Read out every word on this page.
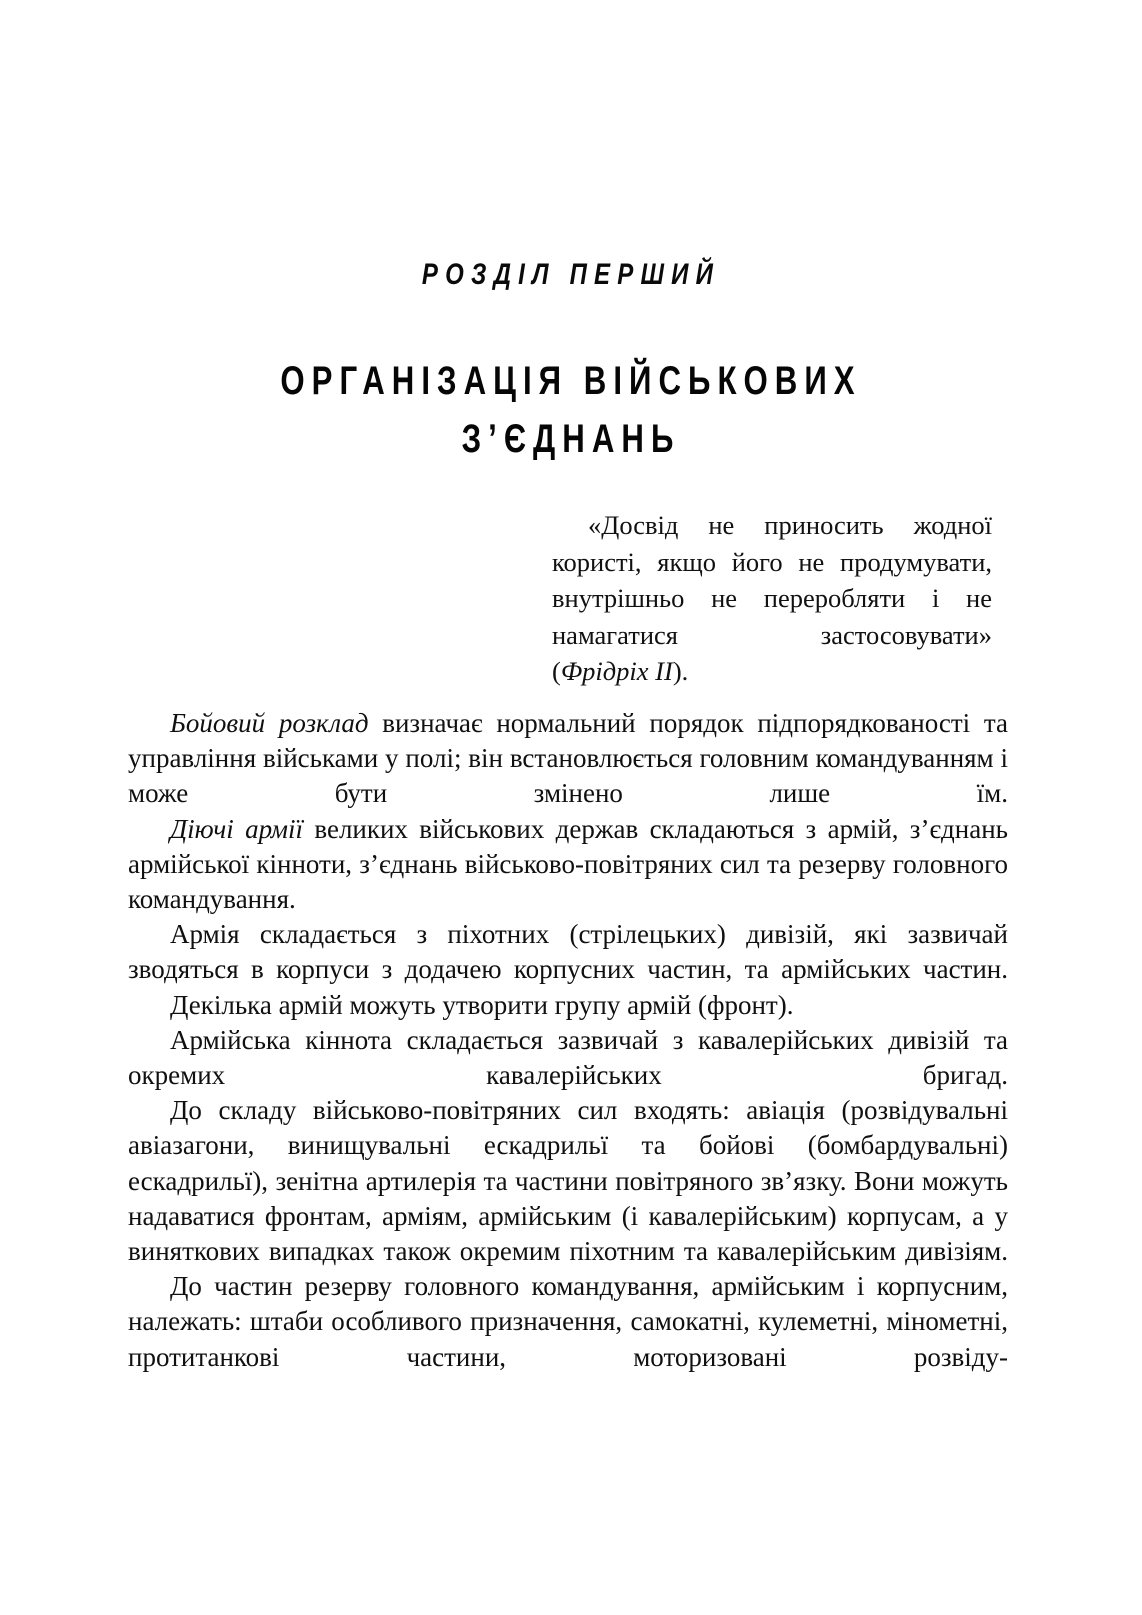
РОЗДІЛ ПЕРШИЙ
ОРГАНІЗАЦІЯ ВІЙСЬКОВИХ
З’ЄДНАНЬ
«Досвід не приносить жодної користі, якщо його не продумувати, внутрішньо не переробляти і не намагатися застосовувати»
(Фрідріх II).

Бойовий розклад визначає нормальний порядок підпорядкованості та управління військами у полі; він встановлюється головним командуванням і може бути змінено лише їм.

Діючі армії великих військових держав складаються з армій, з’єднань армійської кінноти, з’єднань військово-повітряних сил та резерву головного командування.

Армія складається з піхотних (стрілецьких) дивізій, які зазвичай зводяться в корпуси з додачею корпусних частин, та армійських частин.

Декілька армій можуть утворити групу армій (фронт).

Армійська кіннота складається зазвичай з кавалерійських дивізій та окремих кавалерійських бригад.

До складу військово-повітряних сил входять: авіація (розвідувальні авіазагони, винищувальні ескадрильї та бойові (бомбардувальні) ескадрильї), зенітна артилерія та частини повітряного зв’язку. Вони можуть надаватися фронтам, арміям, армійським (і кавалерійським) корпусам, а у виняткових випадках також окремим піхотним та кавалерійським дивізіям.

До частин резерву головного командування, армійським і корпусним, належать: штаби особливого призначення, самокатні, кулеметні, мінометні, протитанкові частини, моторизовані розвіду-
